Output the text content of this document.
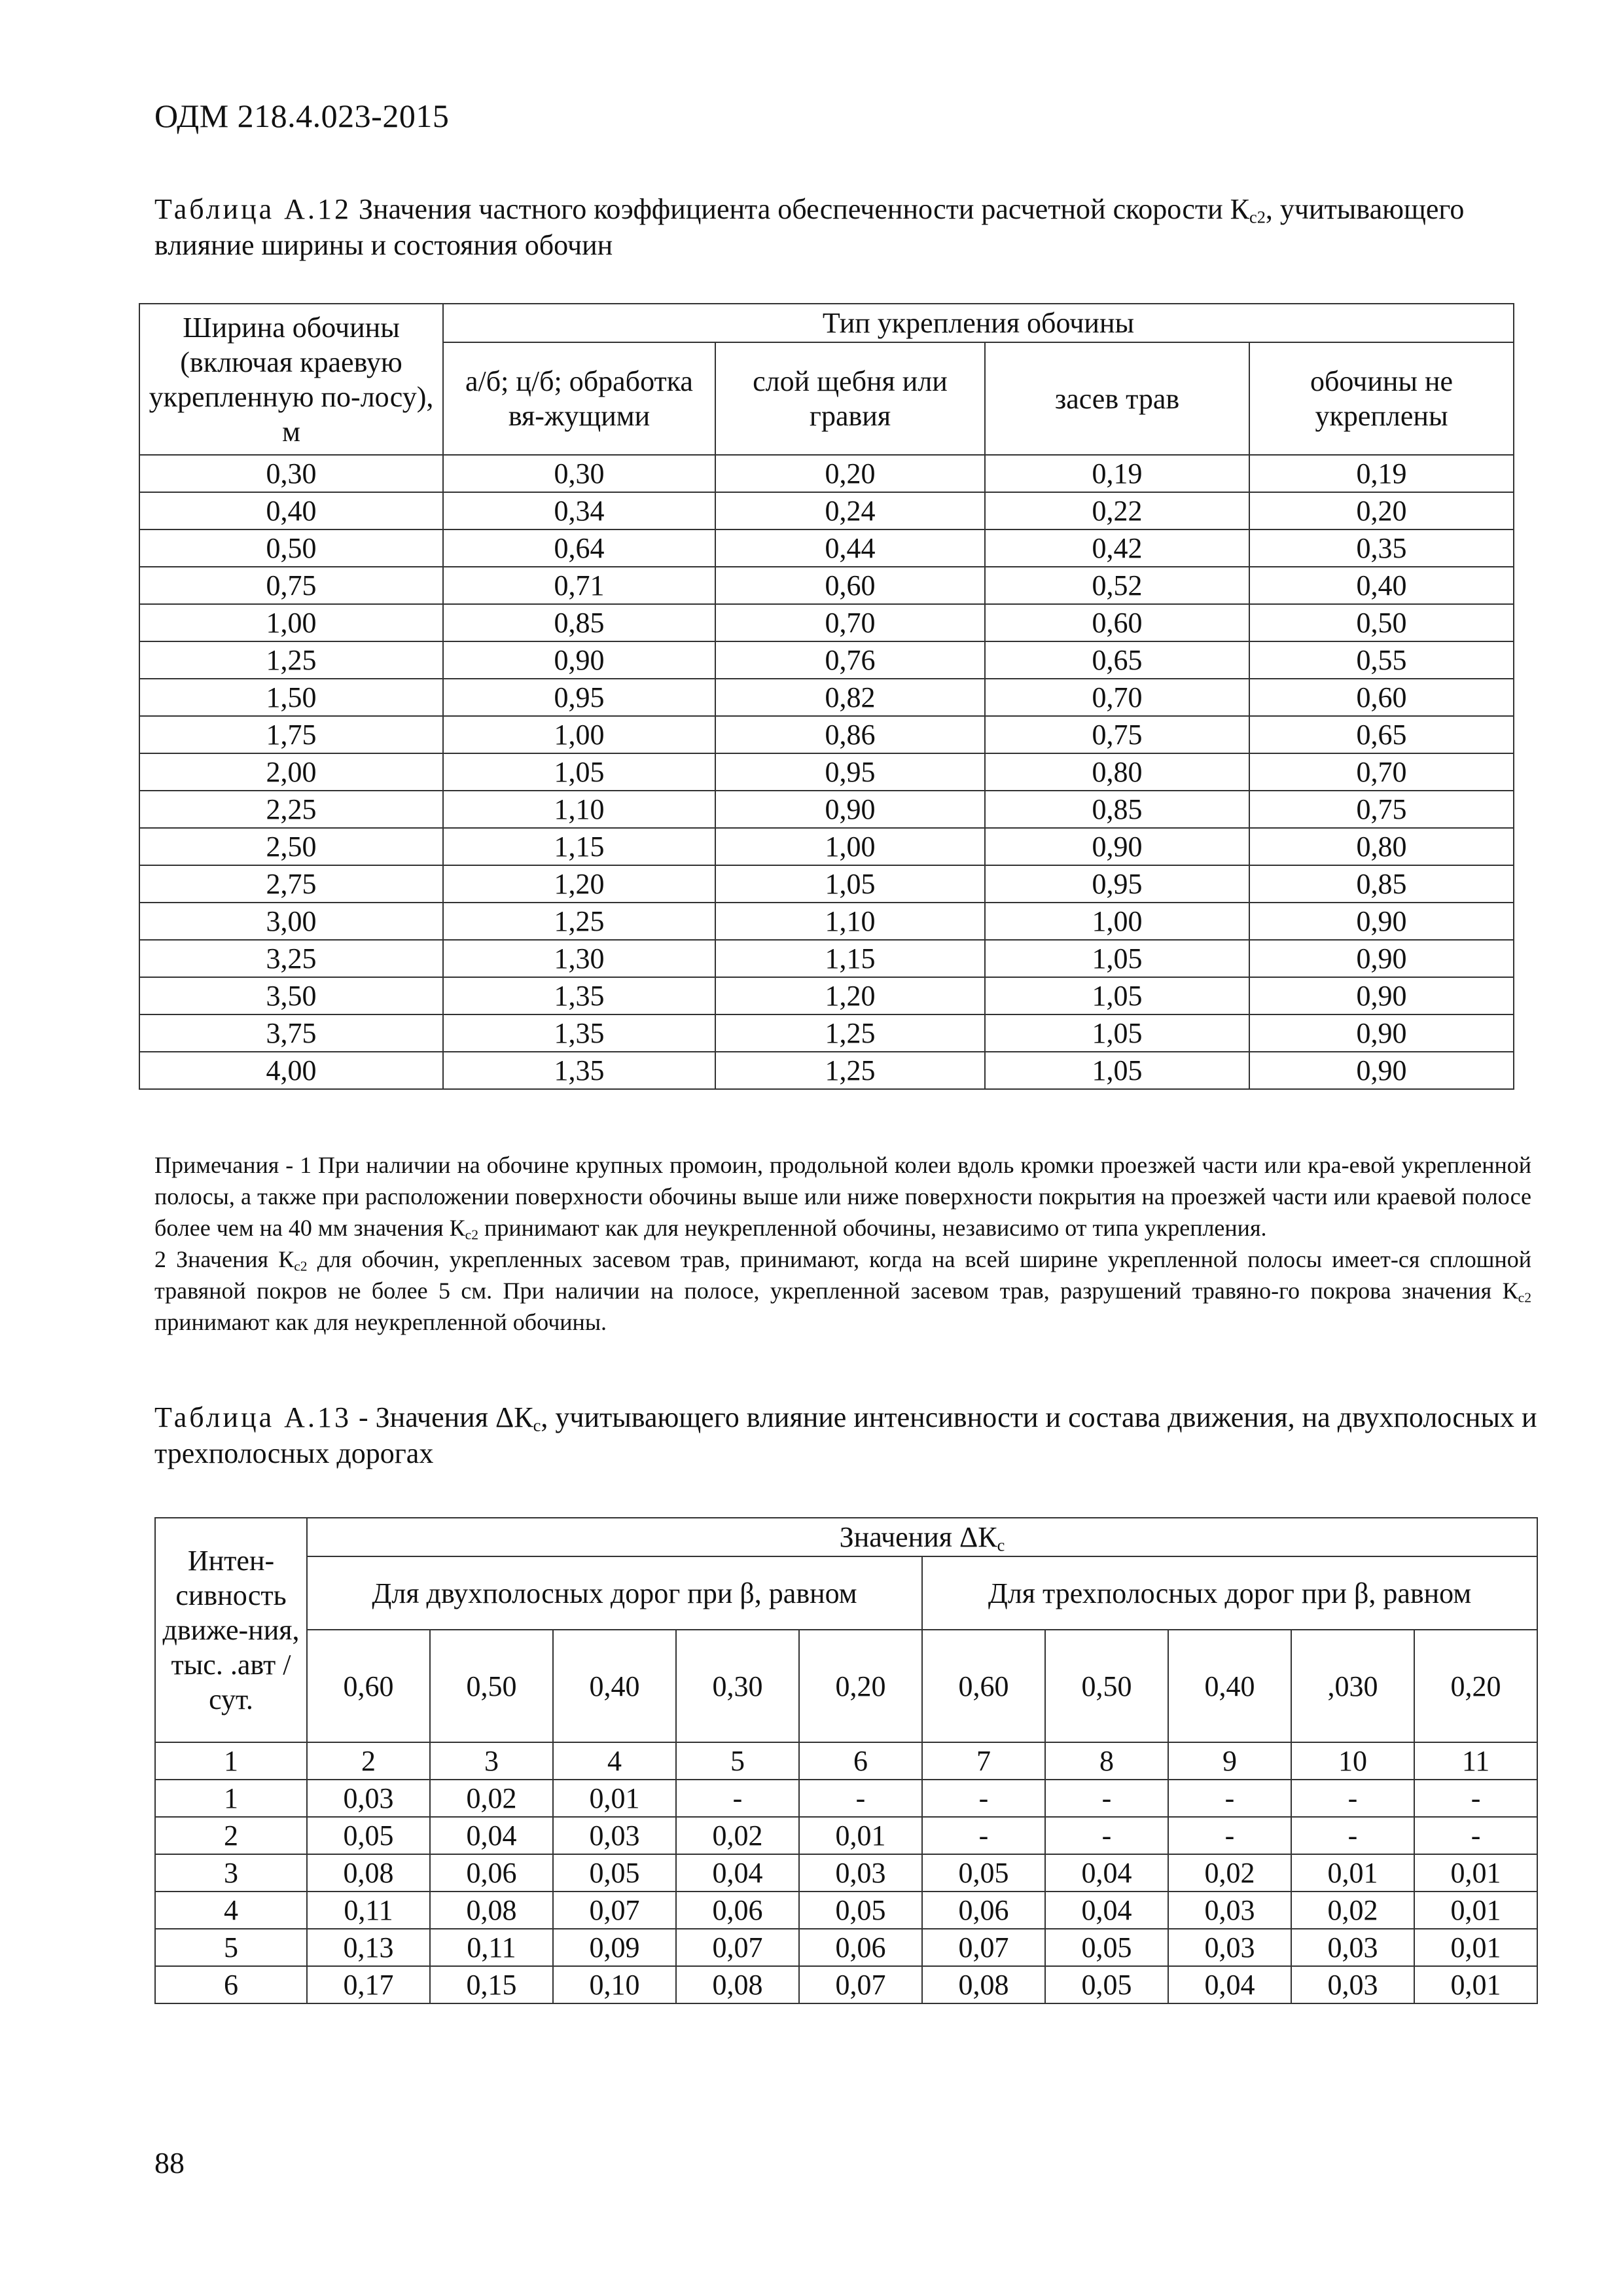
ОДМ 218.4.023-2015
Таблица А.12 Значения частного коэффициента обеспеченности расчетной скорости $К_{c2}$, учитывающего влияние ширины и состояния обочин
Ширина обочины (включая краевую укрепленную по-лосу), м	Тип укрепления обочины			
	а/б; ц/б; обработка вя-жущими	слой щебня или гравия	засев трав	обочины не укреплены
0,30	0,30	0,20	0,19	0,19
0,40	0,34	0,24	0,22	0,20
0,50	0,64	0,44	0,42	0,35
0,75	0,71	0,60	0,52	0,40
1,00	0,85	0,70	0,60	0,50
1,25	0,90	0,76	0,65	0,55
1,50	0,95	0,82	0,70	0,60
1,75	1,00	0,86	0,75	0,65
2,00	1,05	0,95	0,80	0,70
2,25	1,10	0,90	0,85	0,75
2,50	1,15	1,00	0,90	0,80
2,75	1,20	1,05	0,95	0,85
3,00	1,25	1,10	1,00	0,90
3,25	1,30	1,15	1,05	0,90
3,50	1,35	1,20	1,05	0,90
3,75	1,35	1,25	1,05	0,90
4,00	1,35	1,25	1,05	0,90

Примечания - 1 При наличии на обочине крупных промоин, продольной колеи вдоль кромки проезжей части или кра-евой укрепленной полосы, а также при расположении поверхности обочины выше или ниже поверхности покрытия на проезжей части или краевой полосе более чем на 40 мм значения $К_{c2}$ принимают как для неукрепленной обочины, независимо от типа укрепления.

2 Значения $К_{c2}$ для обочин, укрепленных засевом трав, принимают, когда на всей ширине укрепленной полосы имеет-ся сплошной травяной покров не более 5 см. При наличии на полосе, укрепленной засевом трав, разрушений травяно-го покрова значения $К_{c2}$ принимают как для неукрепленной обочины.

Таблица А.13 - Значения $\Delta К_c$, учитывающего влияние интенсивности и состава движения, на двухполосных и трехполосных дорогах
Интен-сивность движе-ния, тыс. .авт /сут.	Значения $\Delta К_c$
	Для двухполосных дорог при β, равном					Для трехполосных дорог при β, равном				
	0,60	0,50	0,40	0,30	0,20	0,60	0,50	0,40	,030	0,20
1	2	3	4	5	6	7	8	9	10	11
1	0,03	0,02	0,01	-	-	-	-	-	-	-
2	0,05	0,04	0,03	0,02	0,01	-	-	-	-	-
3	0,08	0,06	0,05	0,04	0,03	0,05	0,04	0,02	0,01	0,01
4	0,11	0,08	0,07	0,06	0,05	0,06	0,04	0,03	0,02	0,01
5	0,13	0,11	0,09	0,07	0,06	0,07	0,05	0,03	0,03	0,01
6	0,17	0,15	0,10	0,08	0,07	0,08	0,05	0,04	0,03	0,01
88
